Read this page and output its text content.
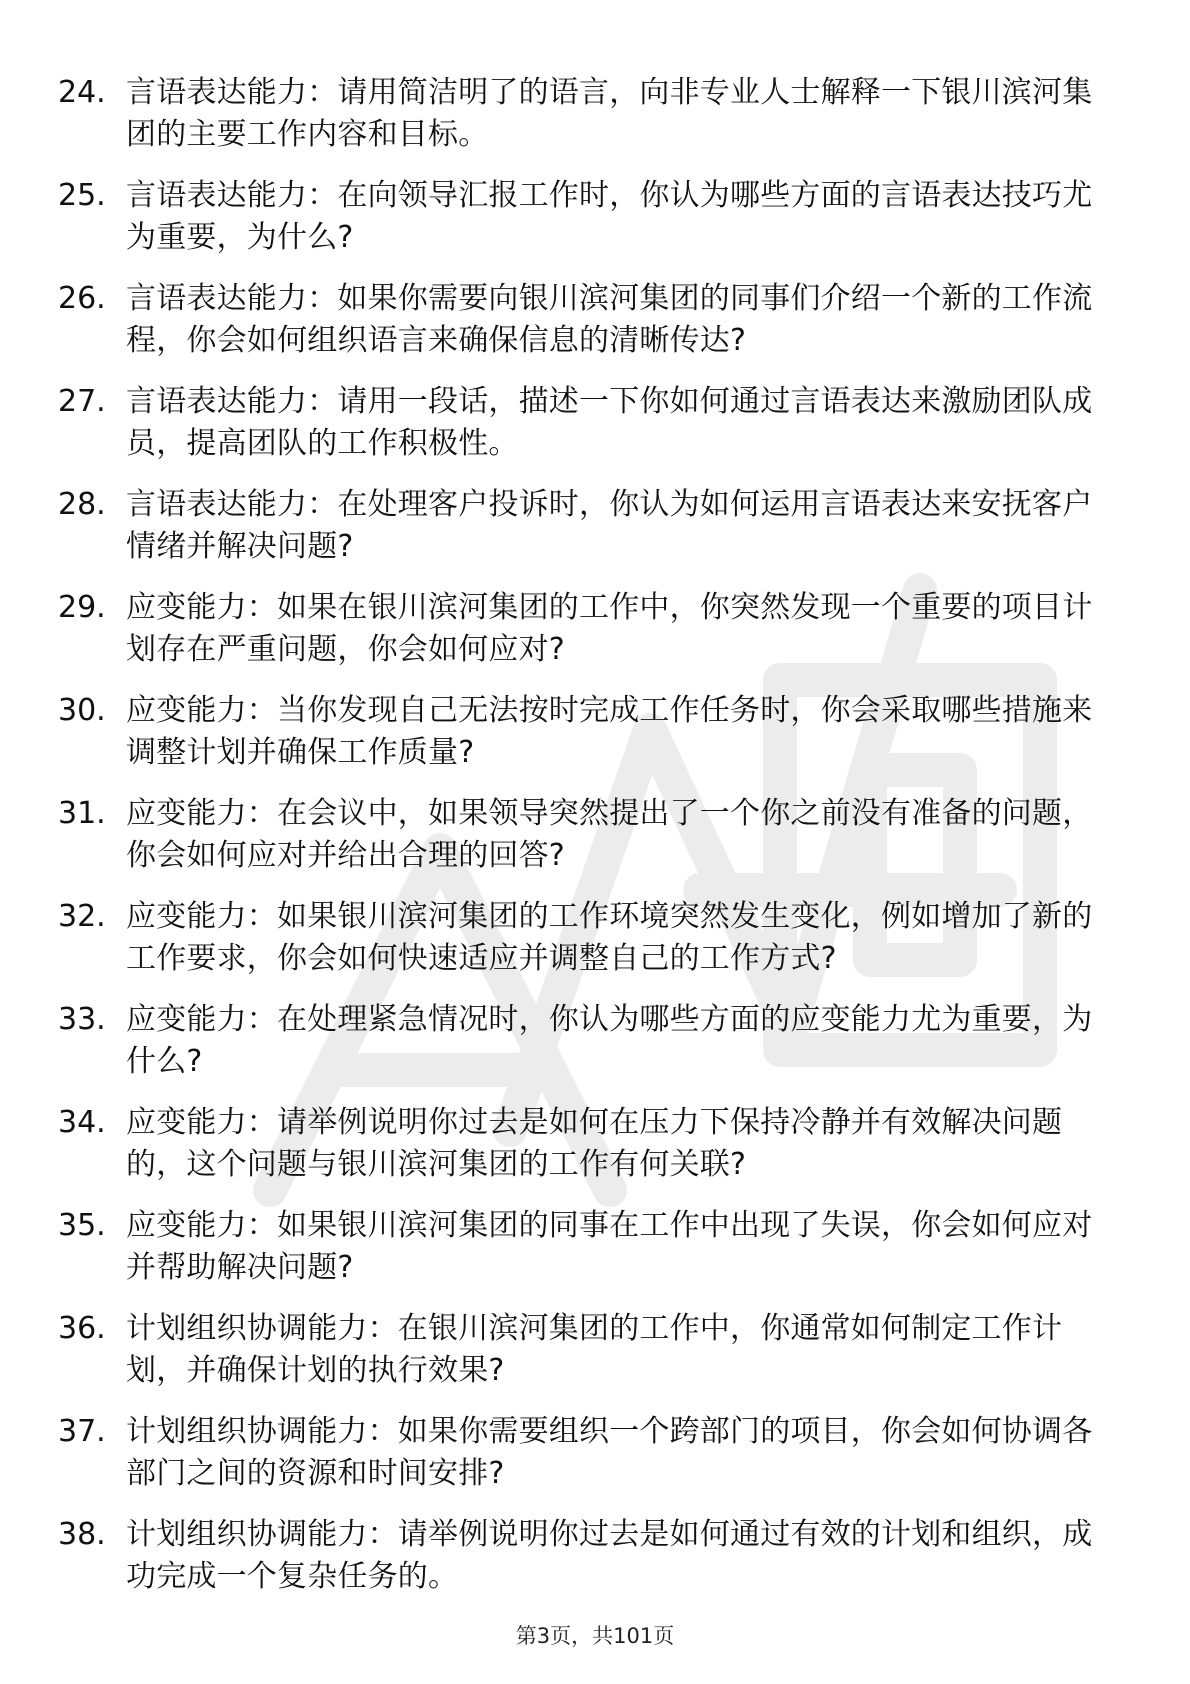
24. 言语表达能力：请用简洁明了的语言，向非专业人士解释一下银川滨河集团的主要工作内容和目标。
25. 言语表达能力：在向领导汇报工作时，你认为哪些方面的言语表达技巧尤为重要，为什么?
26. 言语表达能力：如果你需要向银川滨河集团的同事们介绍一个新的工作流程，你会如何组织语言来确保信息的清晰传达?
27. 言语表达能力：请用一段话，描述一下你如何通过言语表达来激励团队成员，提高团队的工作积极性。
28. 言语表达能力：在处理客户投诉时，你认为如何运用言语表达来安抚客户情绪并解决问题?
29. 应变能力：如果在银川滨河集团的工作中，你突然发现一个重要的项目计划存在严重问题，你会如何应对?
30. 应变能力：当你发现自己无法按时完成工作任务时，你会采取哪些措施来调整计划并确保工作质量?
31. 应变能力：在会议中，如果领导突然提出了一个你之前没有准备的问题，你会如何应对并给出合理的回答?
32. 应变能力：如果银川滨河集团的工作环境突然发生变化，例如增加了新的工作要求，你会如何快速适应并调整自己的工作方式?
33. 应变能力：在处理紧急情况时，你认为哪些方面的应变能力尤为重要，为什么?
34. 应变能力：请举例说明你过去是如何在压力下保持冷静并有效解决问题的，这个问题与银川滨河集团的工作有何关联?
35. 应变能力：如果银川滨河集团的同事在工作中出现了失误，你会如何应对并帮助解决问题?
36. 计划组织协调能力：在银川滨河集团的工作中，你通常如何制定工作计划，并确保计划的执行效果?
37. 计划组织协调能力：如果你需要组织一个跨部门的项目，你会如何协调各部门之间的资源和时间安排?
38. 计划组织协调能力：请举例说明你过去是如何通过有效的计划和组织，成功完成一个复杂任务的。
第3页，共101页
